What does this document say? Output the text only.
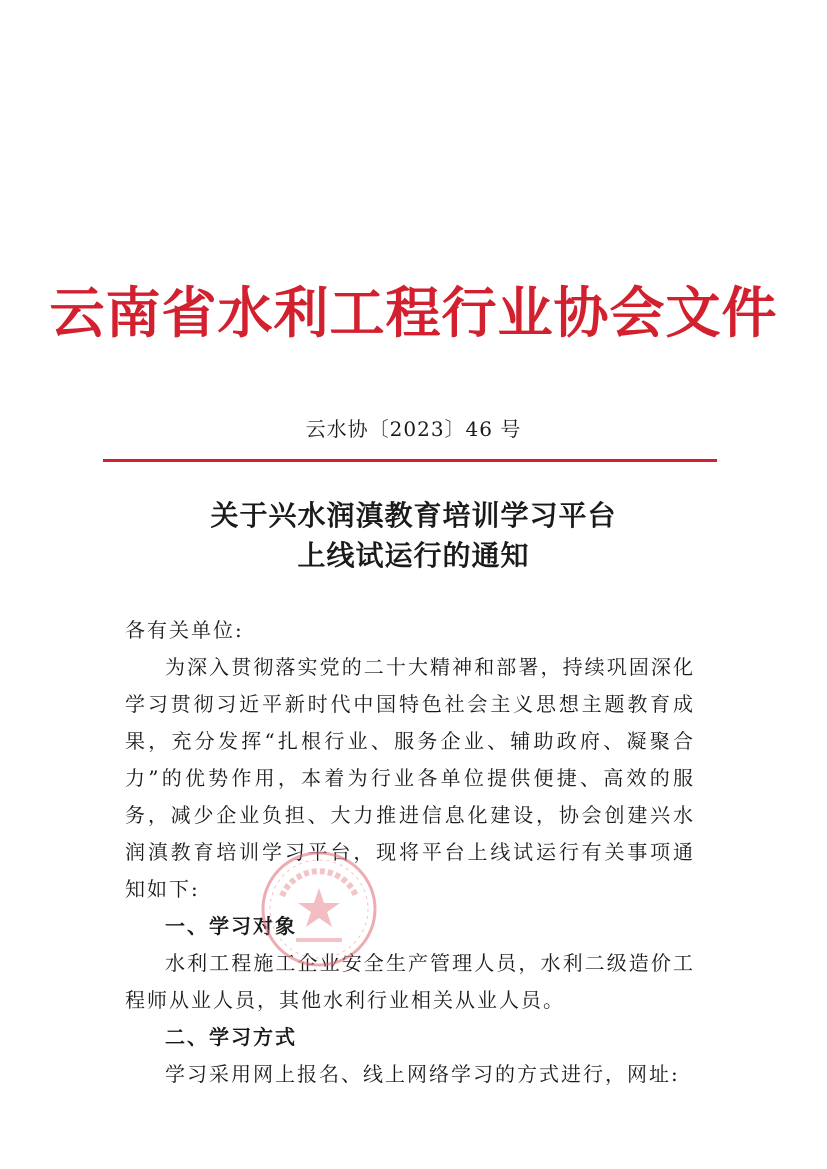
云南省水利工程行业协会文件
云水协〔2023〕46 号
关于兴水润滇教育培训学习平台
上线试运行的通知

各有关单位:

为深入贯彻落实党的二十大精神和部署，持续巩固深化学习贯彻习近平新时代中国特色社会主义思想主题教育成果，充分发挥“扎根行业、服务企业、辅助政府、凝聚合力”的优势作用，本着为行业各单位提供便捷、高效的服务，减少企业负担、大力推进信息化建设，协会创建兴水润滇教育培训学习平台，现将平台上线试运行有关事项通知如下:

一、学习对象

水利工程施工企业安全生产管理人员，水利二级造价工程师从业人员，其他水利行业相关从业人员。

二、学习方式

学习采用网上报名、线上网络学习的方式进行，网址:
